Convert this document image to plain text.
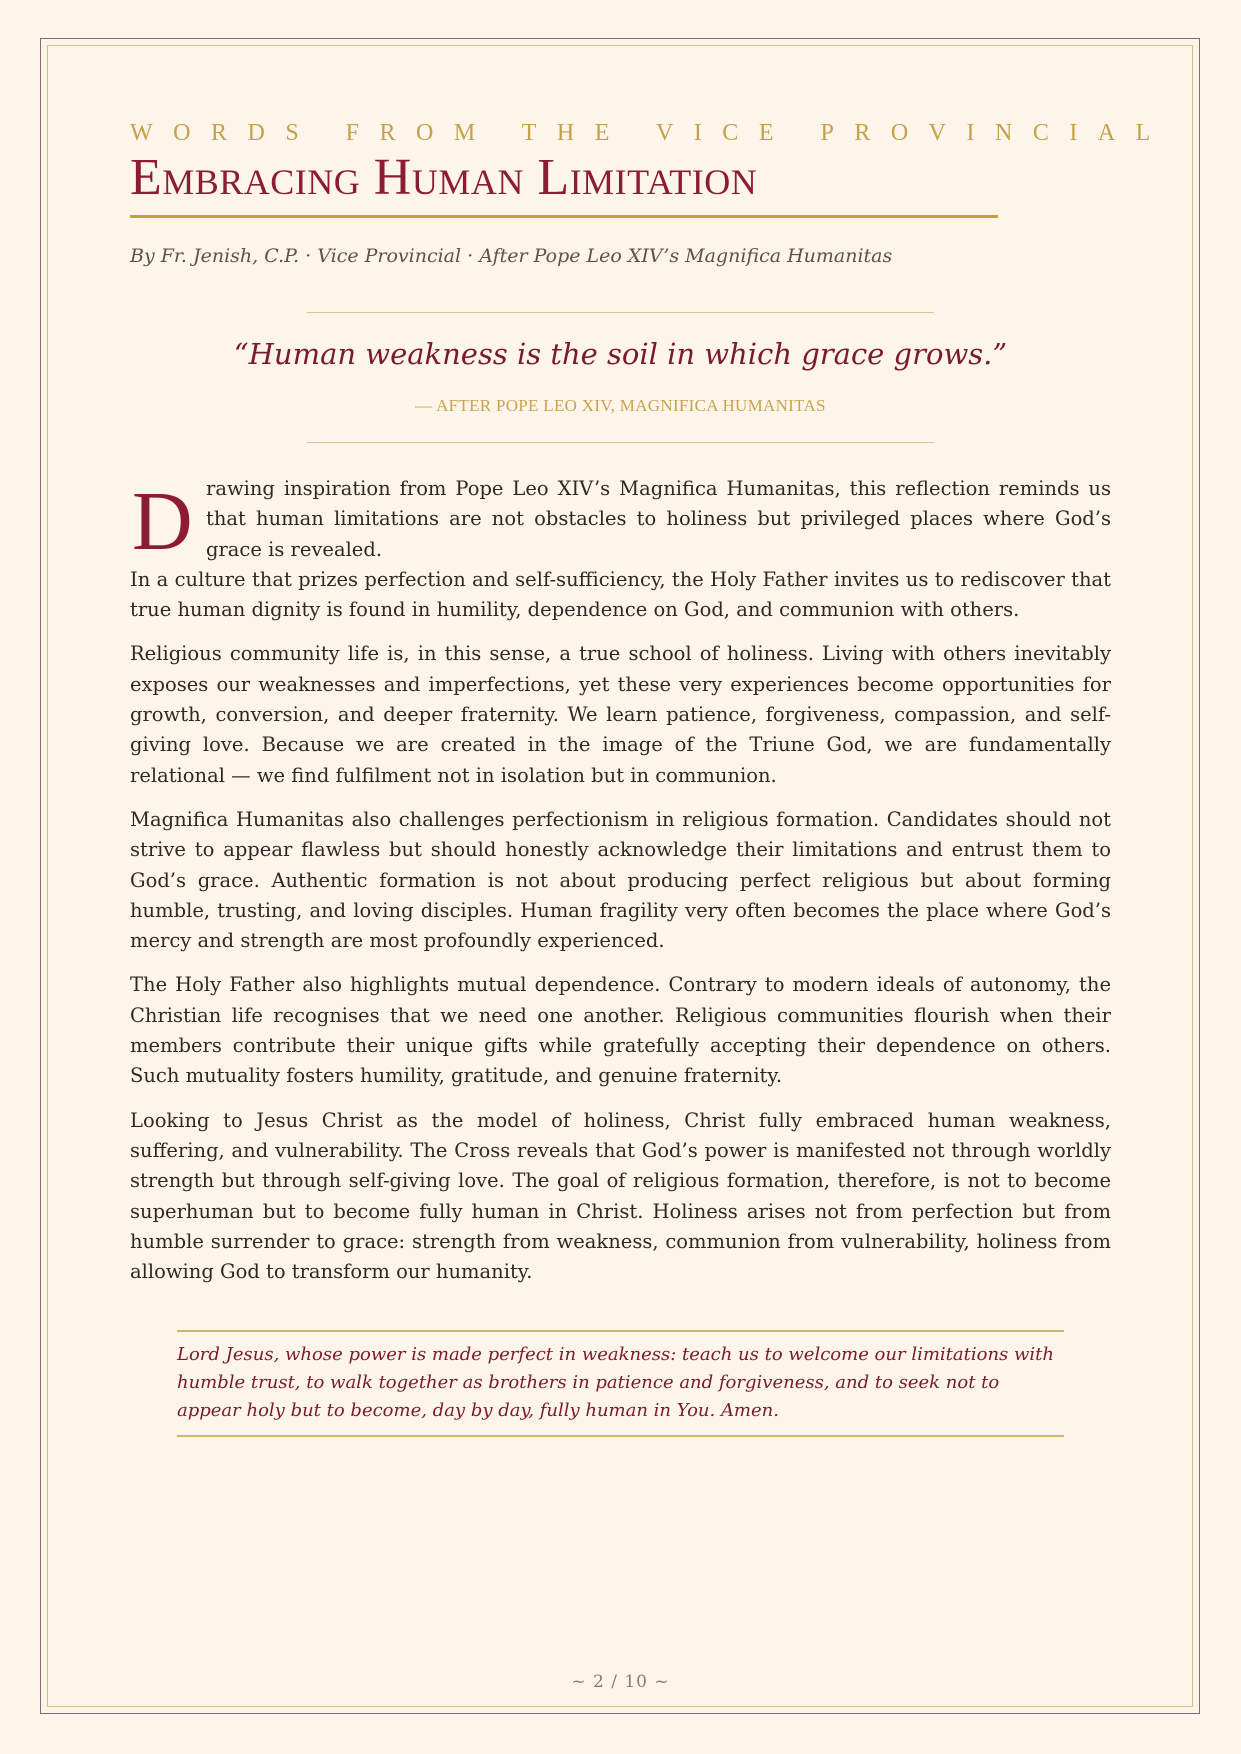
WORDS FROM THE VICE PROVINCIAL
Embracing Human Limitation
By Fr. Jenish, C.P. · Vice Provincial · After Pope Leo XIV’s Magnifica Humanitas
“Human weakness is the soil in which grace grows.”
— AFTER POPE LEO XIV, MAGNIFICA HUMANITAS
D rawing inspiration from Pope Leo XIV’s Magnifica Humanitas, this reflection reminds us that human limitations are not obstacles to holiness but privileged places where God’s grace is revealed.

In a culture that prizes perfection and self-sufficiency, the Holy Father invites us to rediscover that true human dignity is found in humility, dependence on God, and communion with others.

Religious community life is, in this sense, a true school of holiness. Living with others inevitably exposes our weaknesses and imperfections, yet these very experiences become opportunities for growth, conversion, and deeper fraternity. We learn patience, forgiveness, compassion, and self-giving love. Because we are created in the image of the Triune God, we are fundamentally relational — we find fulfilment not in isolation but in communion.

Magnifica Humanitas also challenges perfectionism in religious formation. Candidates should not strive to appear flawless but should honestly acknowledge their limitations and entrust them to God’s grace. Authentic formation is not about producing perfect religious but about forming humble, trusting, and loving disciples. Human fragility very often becomes the place where God’s mercy and strength are most profoundly experienced.

The Holy Father also highlights mutual dependence. Contrary to modern ideals of autonomy, the Christian life recognises that we need one another. Religious communities flourish when their members contribute their unique gifts while gratefully accepting their dependence on others. Such mutuality fosters humility, gratitude, and genuine fraternity.

Looking to Jesus Christ as the model of holiness, Christ fully embraced human weakness, suffering, and vulnerability. The Cross reveals that God’s power is manifested not through worldly strength but through self-giving love. The goal of religious formation, therefore, is not to become superhuman but to become fully human in Christ. Holiness arises not from perfection but from humble surrender to grace: strength from weakness, communion from vulnerability, holiness from allowing God to transform our humanity.

Lord Jesus, whose power is made perfect in weakness: teach us to welcome our limitations with humble trust, to walk together as brothers in patience and forgiveness, and to seek not to appear holy but to become, day by day, fully human in You. Amen.
~ 2 / 10 ~
